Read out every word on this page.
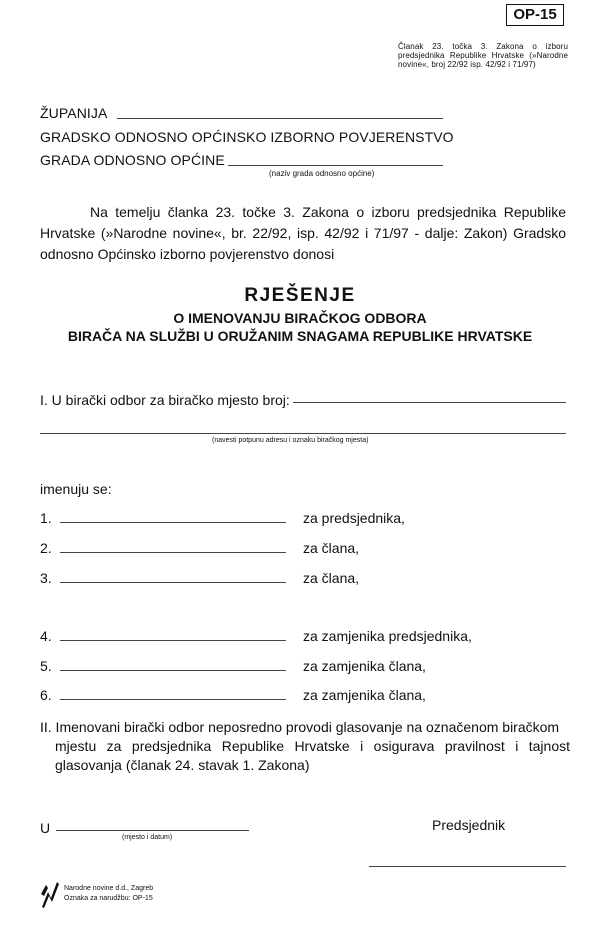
OP-15
Članak 23. točka 3. Zakona o izboru predsjednika Republike Hrvatske (»Narodne novine«, broj 22/92 isp. 42/92 i 71/97)
ŽUPANIJA
GRADSKO ODNOSNO OPĆINSKO IZBORNO POVJERENSTVO
GRADA ODNOSNO OPĆINE
(naziv grada odnosno općine)
Na temelju članka 23. točke 3. Zakona o izboru predsjednika Republike Hrvatske (»Narodne novine«, br. 22/92, isp. 42/92 i 71/97 - dalje: Zakon) Gradsko odnosno Općinsko izborno povjerenstvo donosi
RJEŠENJE
O IMENOVANJU BIRAČKOG ODBORA
BIRAČA NA SLUŽBI U ORUŽANIM SNAGAMA REPUBLIKE HRVATSKE
I. U birački odbor za biračko mjesto broj:
(navesti potpunu adresu i oznaku biračkog mjesta)
imenuju se:
1.	za predsjednika,
2.	za člana,
3.	za člana,
4.	za zamjenika predsjednika,
5.	za zamjenika člana,
6.	za zamjenika člana,
II. Imenovani birački odbor neposredno provodi glasovanje na označenom biračkom
mjestu za predsjednika Republike Hrvatske i osigurava pravilnost i tajnost glasovanja (članak 24. stavak 1. Zakona)
U
(mjesto i datum)
Predsjednik
Narodne novine d.d., Zagreb
Oznaka za narudžbu: OP-15
